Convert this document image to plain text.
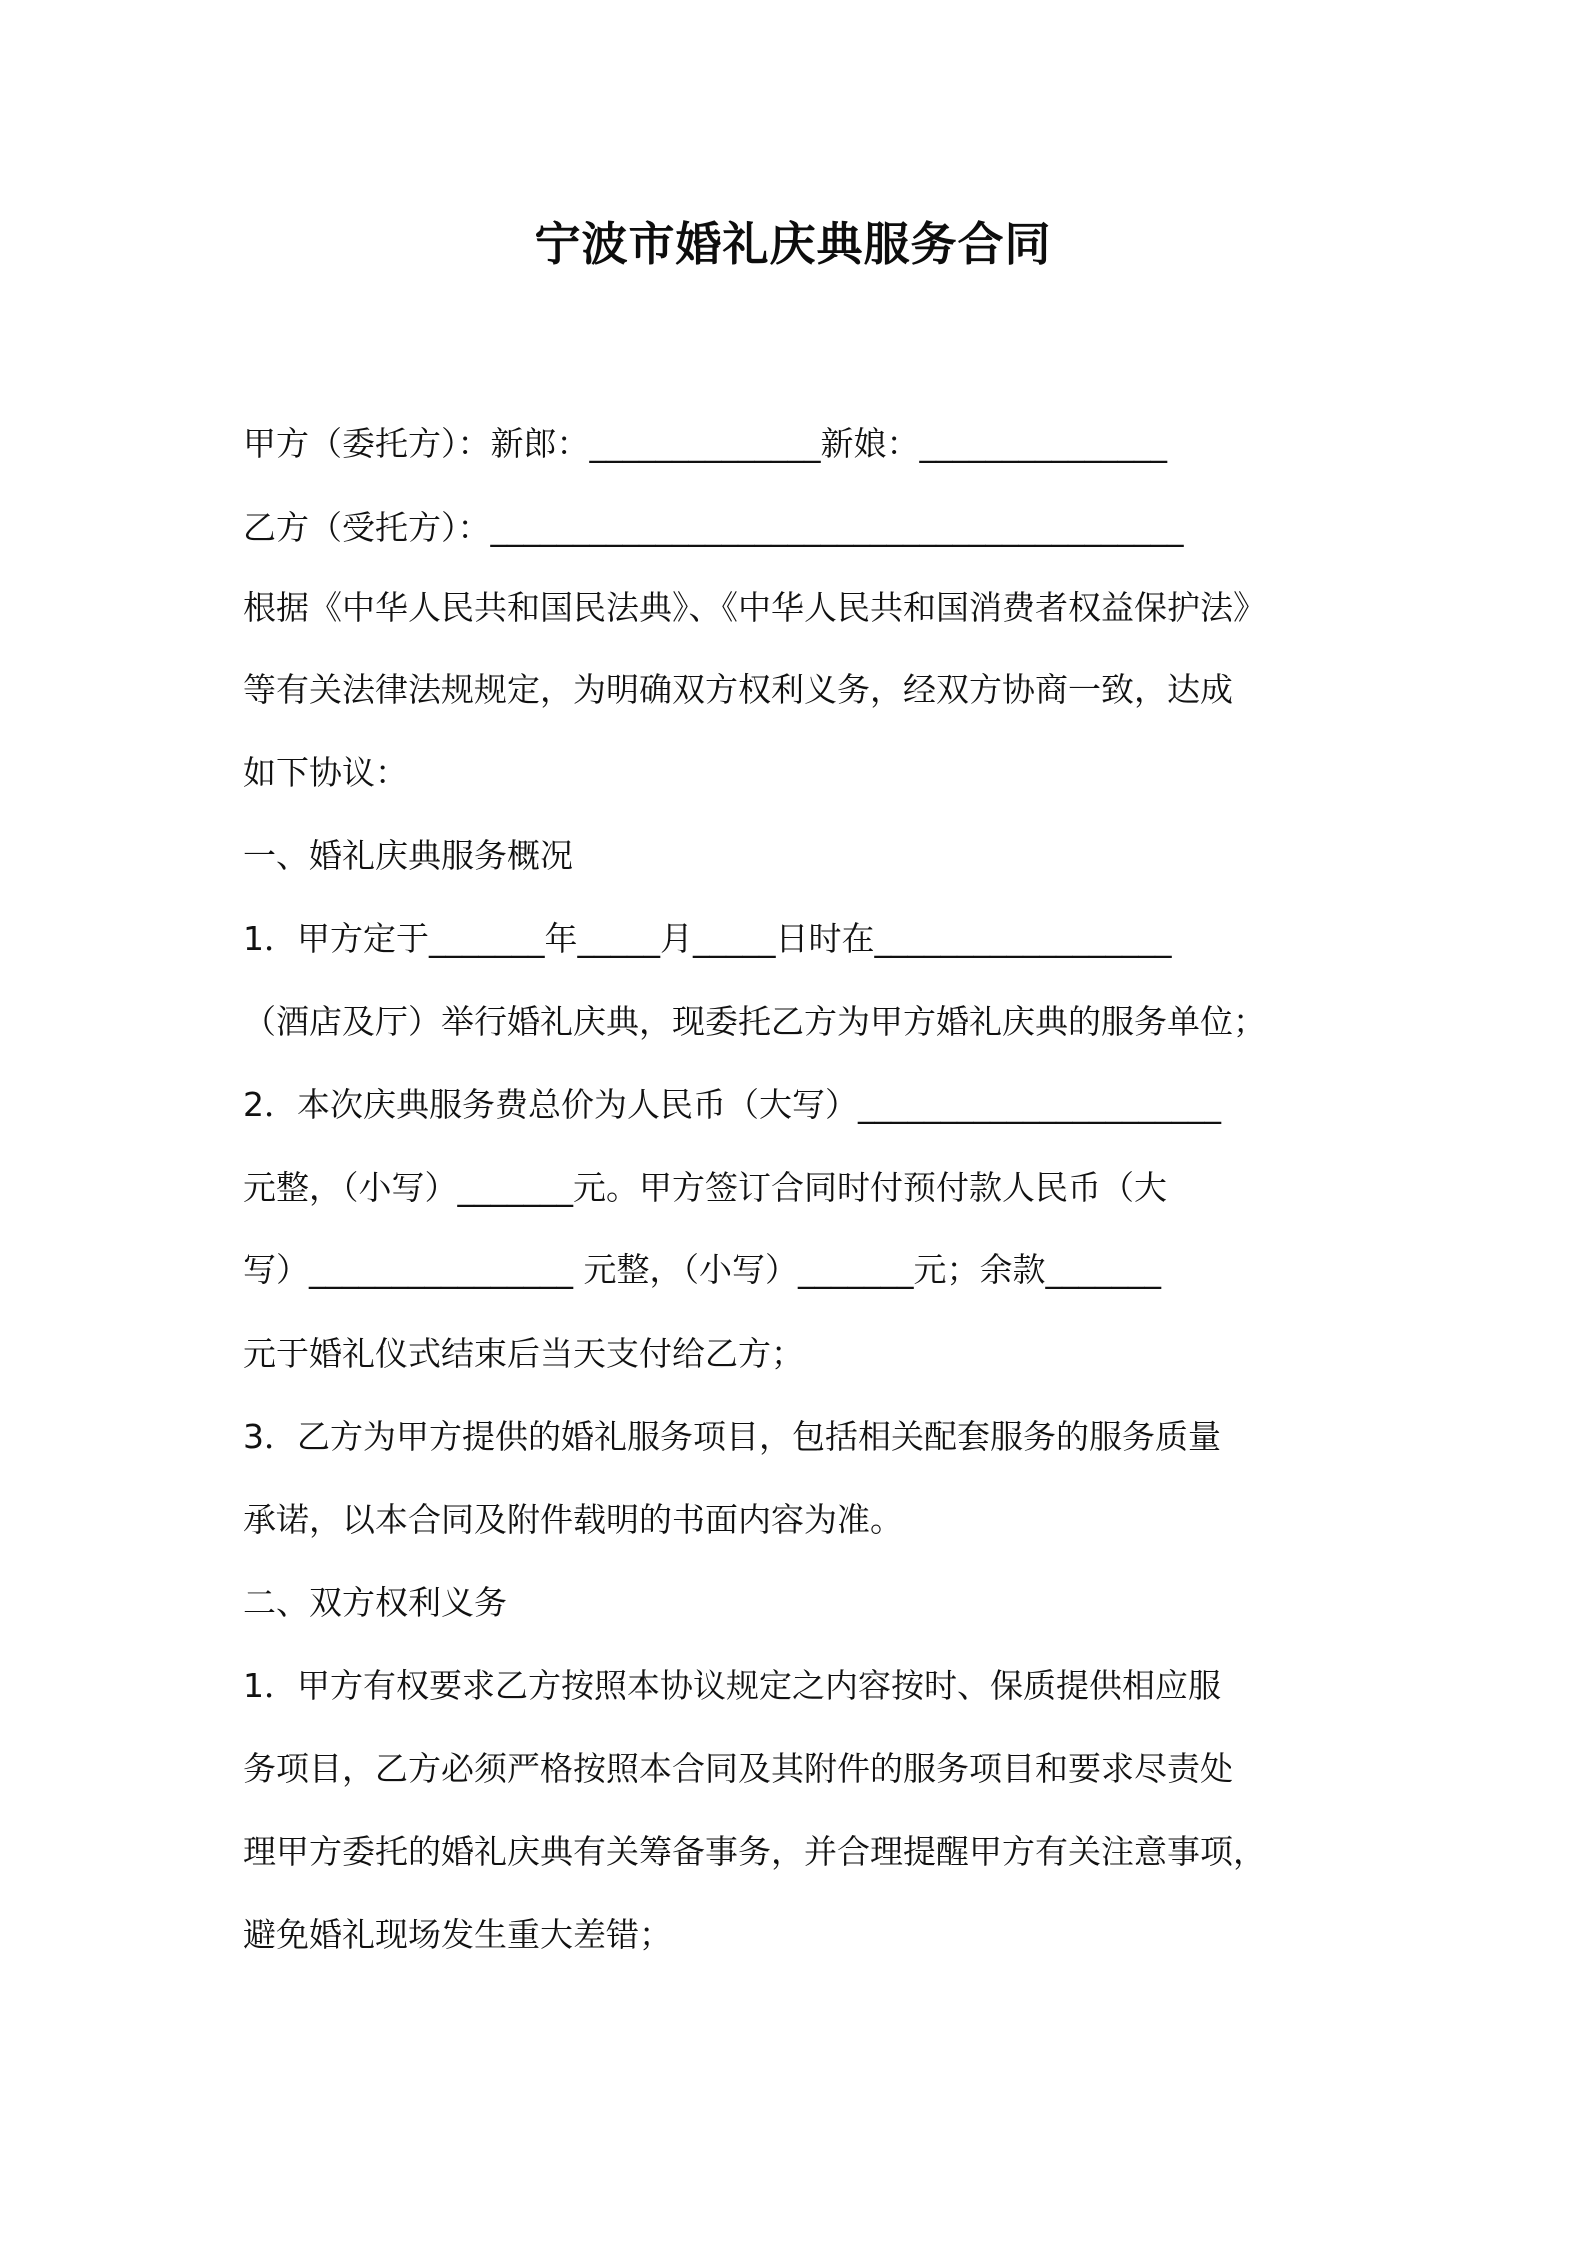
宁波市婚礼庆典服务合同
甲方（委托方）：新郎：______________新娘：_______________
乙方（受托方）：__________________________________________
根据《中华人民共和国民法典》、《中华人民共和国消费者权益保护法》
等有关法律法规规定，为明确双方权利义务，经双方协商一致，达成
如下协议：
一、婚礼庆典服务概况
1．甲方定于_______年_____月_____日时在__________________
（酒店及厅）举行婚礼庆典，现委托乙方为甲方婚礼庆典的服务单位；
2．本次庆典服务费总价为人民币（大写）______________________
元整，（小写）_______元。甲方签订合同时付预付款人民币（大
写）________________ 元整，（小写）_______元；余款_______
元于婚礼仪式结束后当天支付给乙方；
3．乙方为甲方提供的婚礼服务项目，包括相关配套服务的服务质量
承诺，以本合同及附件载明的书面内容为准。
二、双方权利义务
1．甲方有权要求乙方按照本协议规定之内容按时、保质提供相应服
务项目，乙方必须严格按照本合同及其附件的服务项目和要求尽责处
理甲方委托的婚礼庆典有关筹备事务，并合理提醒甲方有关注意事项，
避免婚礼现场发生重大差错；
